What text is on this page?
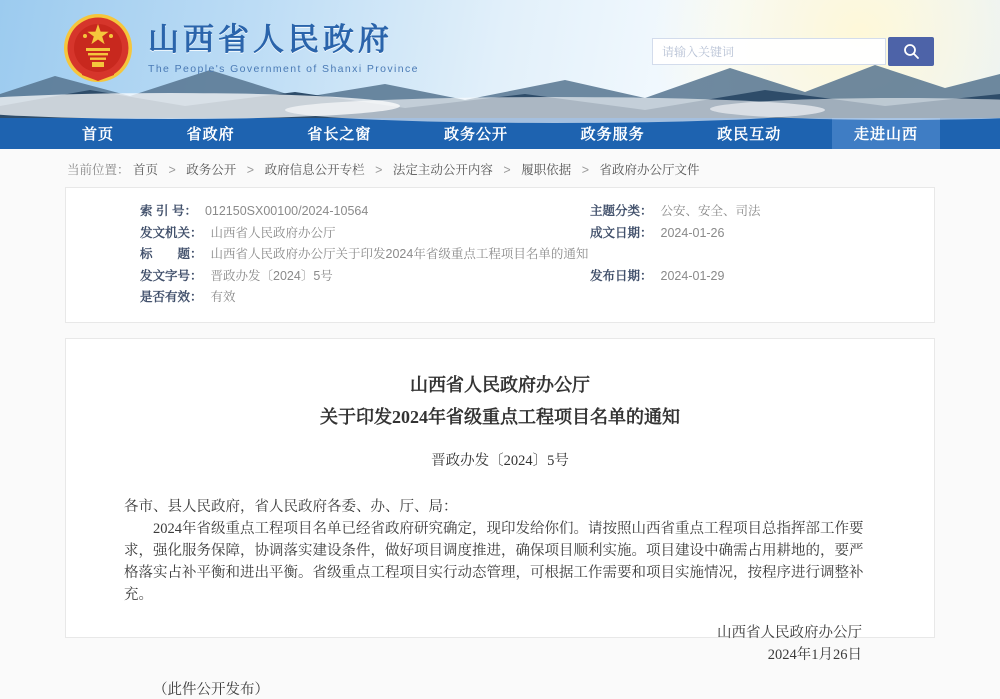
山西省人民政府
The People's Government of Shanxi Province
请输入关键词
首页	省政府	省长之窗	政务公开	政务服务	政民互动	走进山西
当前位置： 首页 > 政务公开 > 政府信息公开专栏 > 法定主动公开内容 > 履职依据 > 省政府办公厅文件
索 引 号： 012150SX00100/2024-10564
发文机关： 山西省人民政府办公厅
标　　题： 山西省人民政府办公厅关于印发2024年省级重点工程项目名单的通知
发文字号： 晋政办发〔2024〕5号
是否有效： 有效
主题分类： 公安、安全、司法
成文日期： 2024-01-26
发布日期： 2024-01-29
山西省人民政府办公厅
关于印发2024年省级重点工程项目名单的通知
晋政办发〔2024〕5号
各市、县人民政府，省人民政府各委、办、厅、局：
2024年省级重点工程项目名单已经省政府研究确定，现印发给你们。请按照山西省重点工程项目总指挥部工作要求，强化服务保障，协调落实建设条件，做好项目调度推进，确保项目顺利实施。项目建设中确需占用耕地的，要严格落实占补平衡和进出平衡。省级重点工程项目实行动态管理，可根据工作需要和项目实施情况，按程序进行调整补充。
山西省人民政府办公厅
2024年1月26日
（此件公开发布）
